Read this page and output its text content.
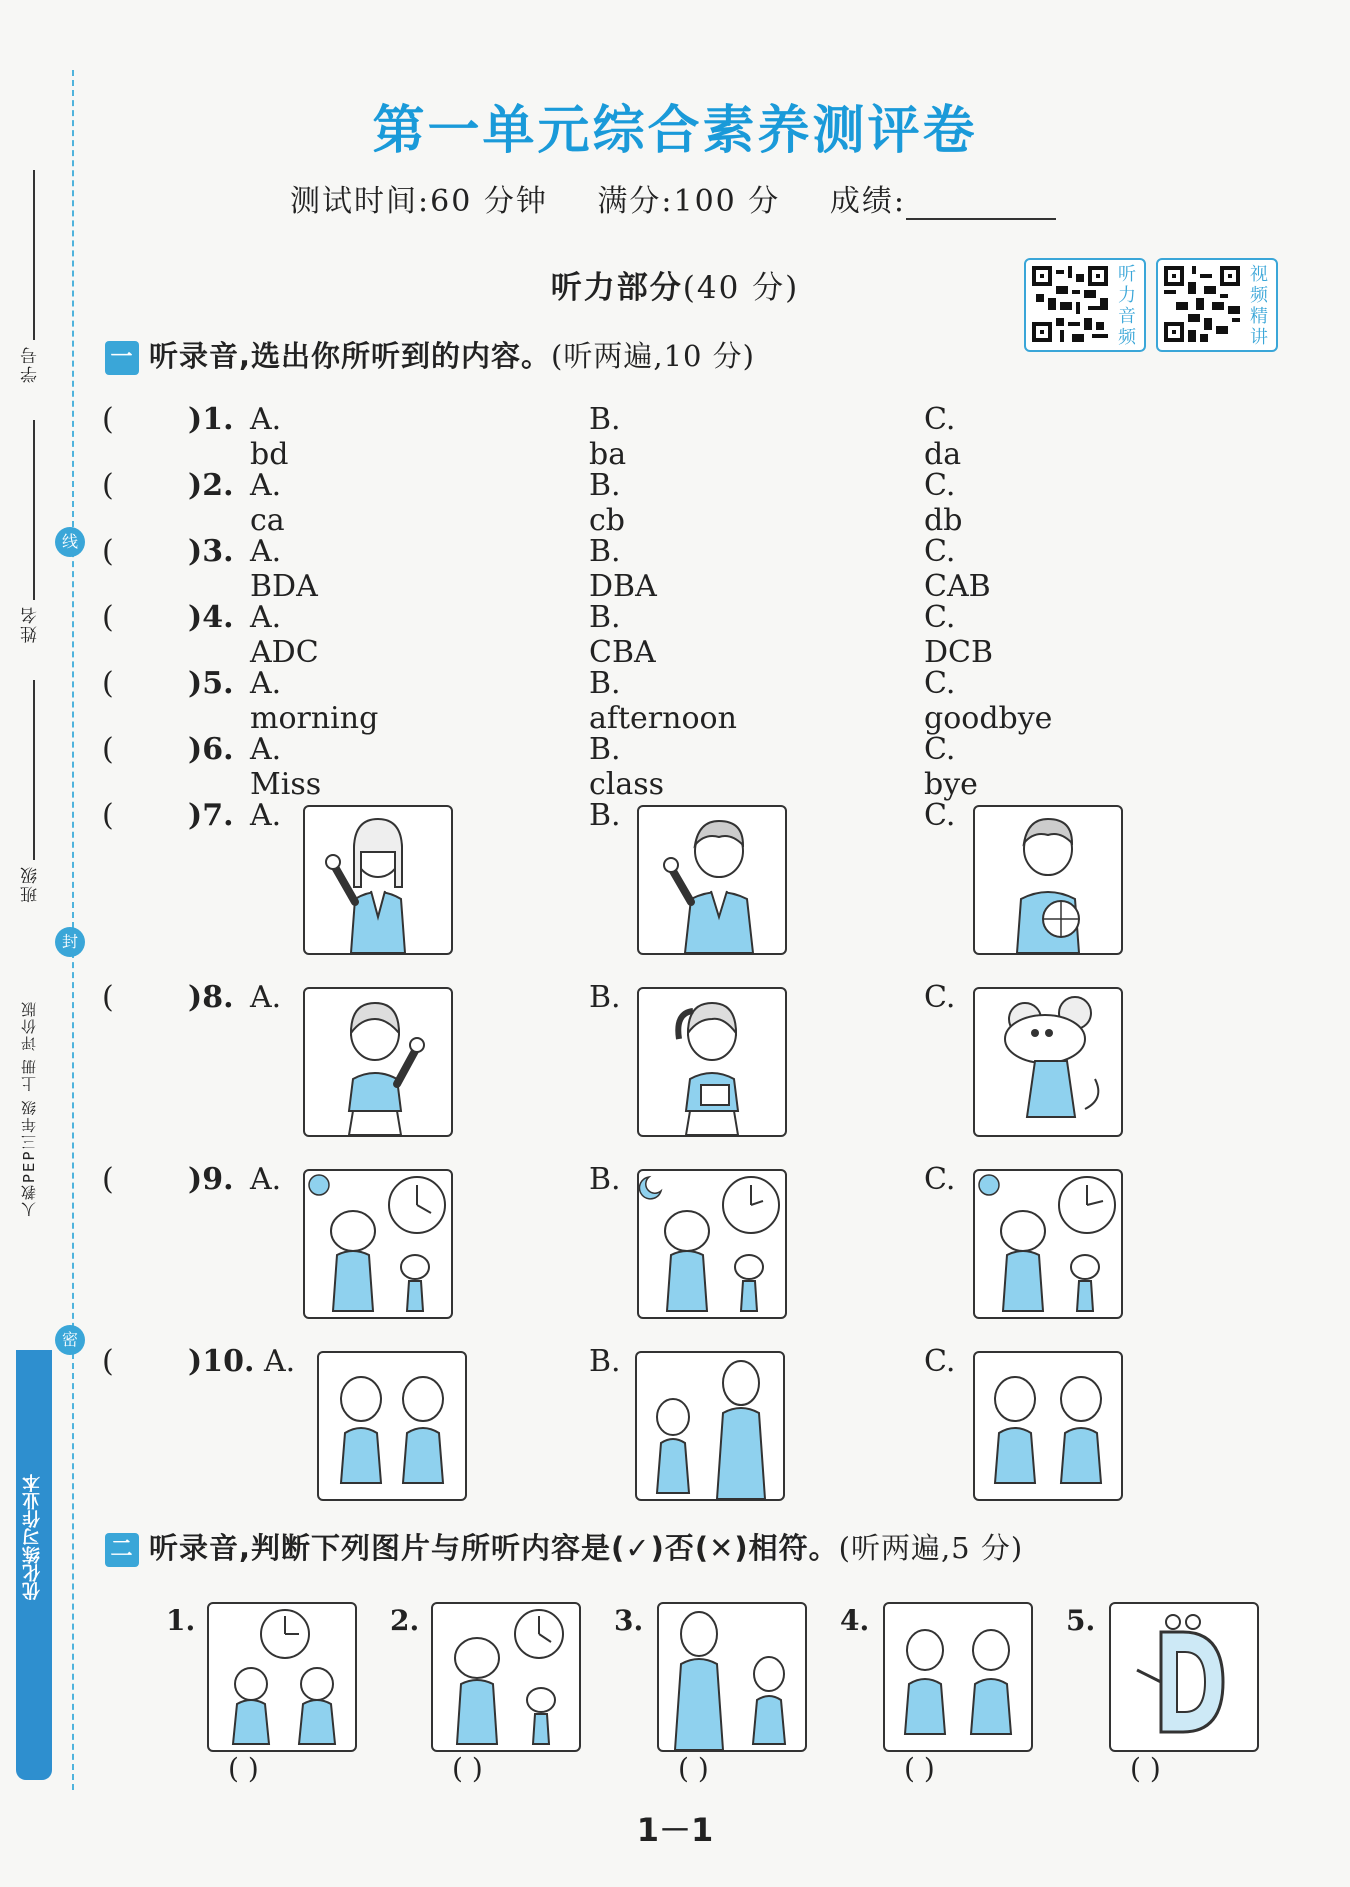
学号
姓名
班级
人教PEP三年级 上册 评价版
线
封
密
优化练习作业本
第一单元综合素养测评卷
测试时间:60 分钟 满分:100 分 成绩:
听力部分(40 分)	听力音频
视频精讲
一 听录音,选出你所听到的内容。(听两遍,10 分)
( )1. A. bd
B. ba
C. da
( )2. A. ca
B. cb
C. db
( )3. A. BDA
B. DBA
C. CAB
( )4. A. ADC
B. CBA
C. DCB
( )5. A. morning
B. afternoon
C. goodbye
( )6. A. Miss
B. class
C. bye
( )7. A.	B.	C.
( )8. A.	B.	C.
( )9. A.	B.	C.
( )10. A.	B.	C.
二 听录音,判断下列图片与所听内容是(✓)否(✕)相符。(听两遍,5 分)
1.	2.	3.	4.	5.
( )	( )	( )	( )	( )
1－1
